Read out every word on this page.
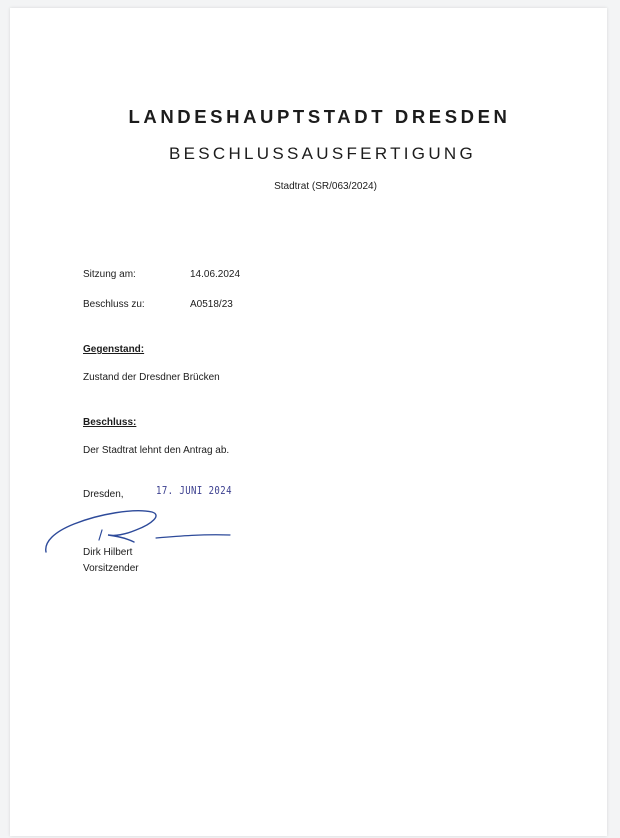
LANDESHAUPTSTADT DRESDEN
BESCHLUSSAUSFERTIGUNG
Stadtrat (SR/063/2024)
Sitzung am:	14.06.2024
Beschluss zu:	A0518/23
Gegenstand:
Zustand der Dresdner Brücken
Beschluss:
Der Stadtrat lehnt den Antrag ab.
Dresden,	17. JUNI 2024
Dirk Hilbert
Vorsitzender
